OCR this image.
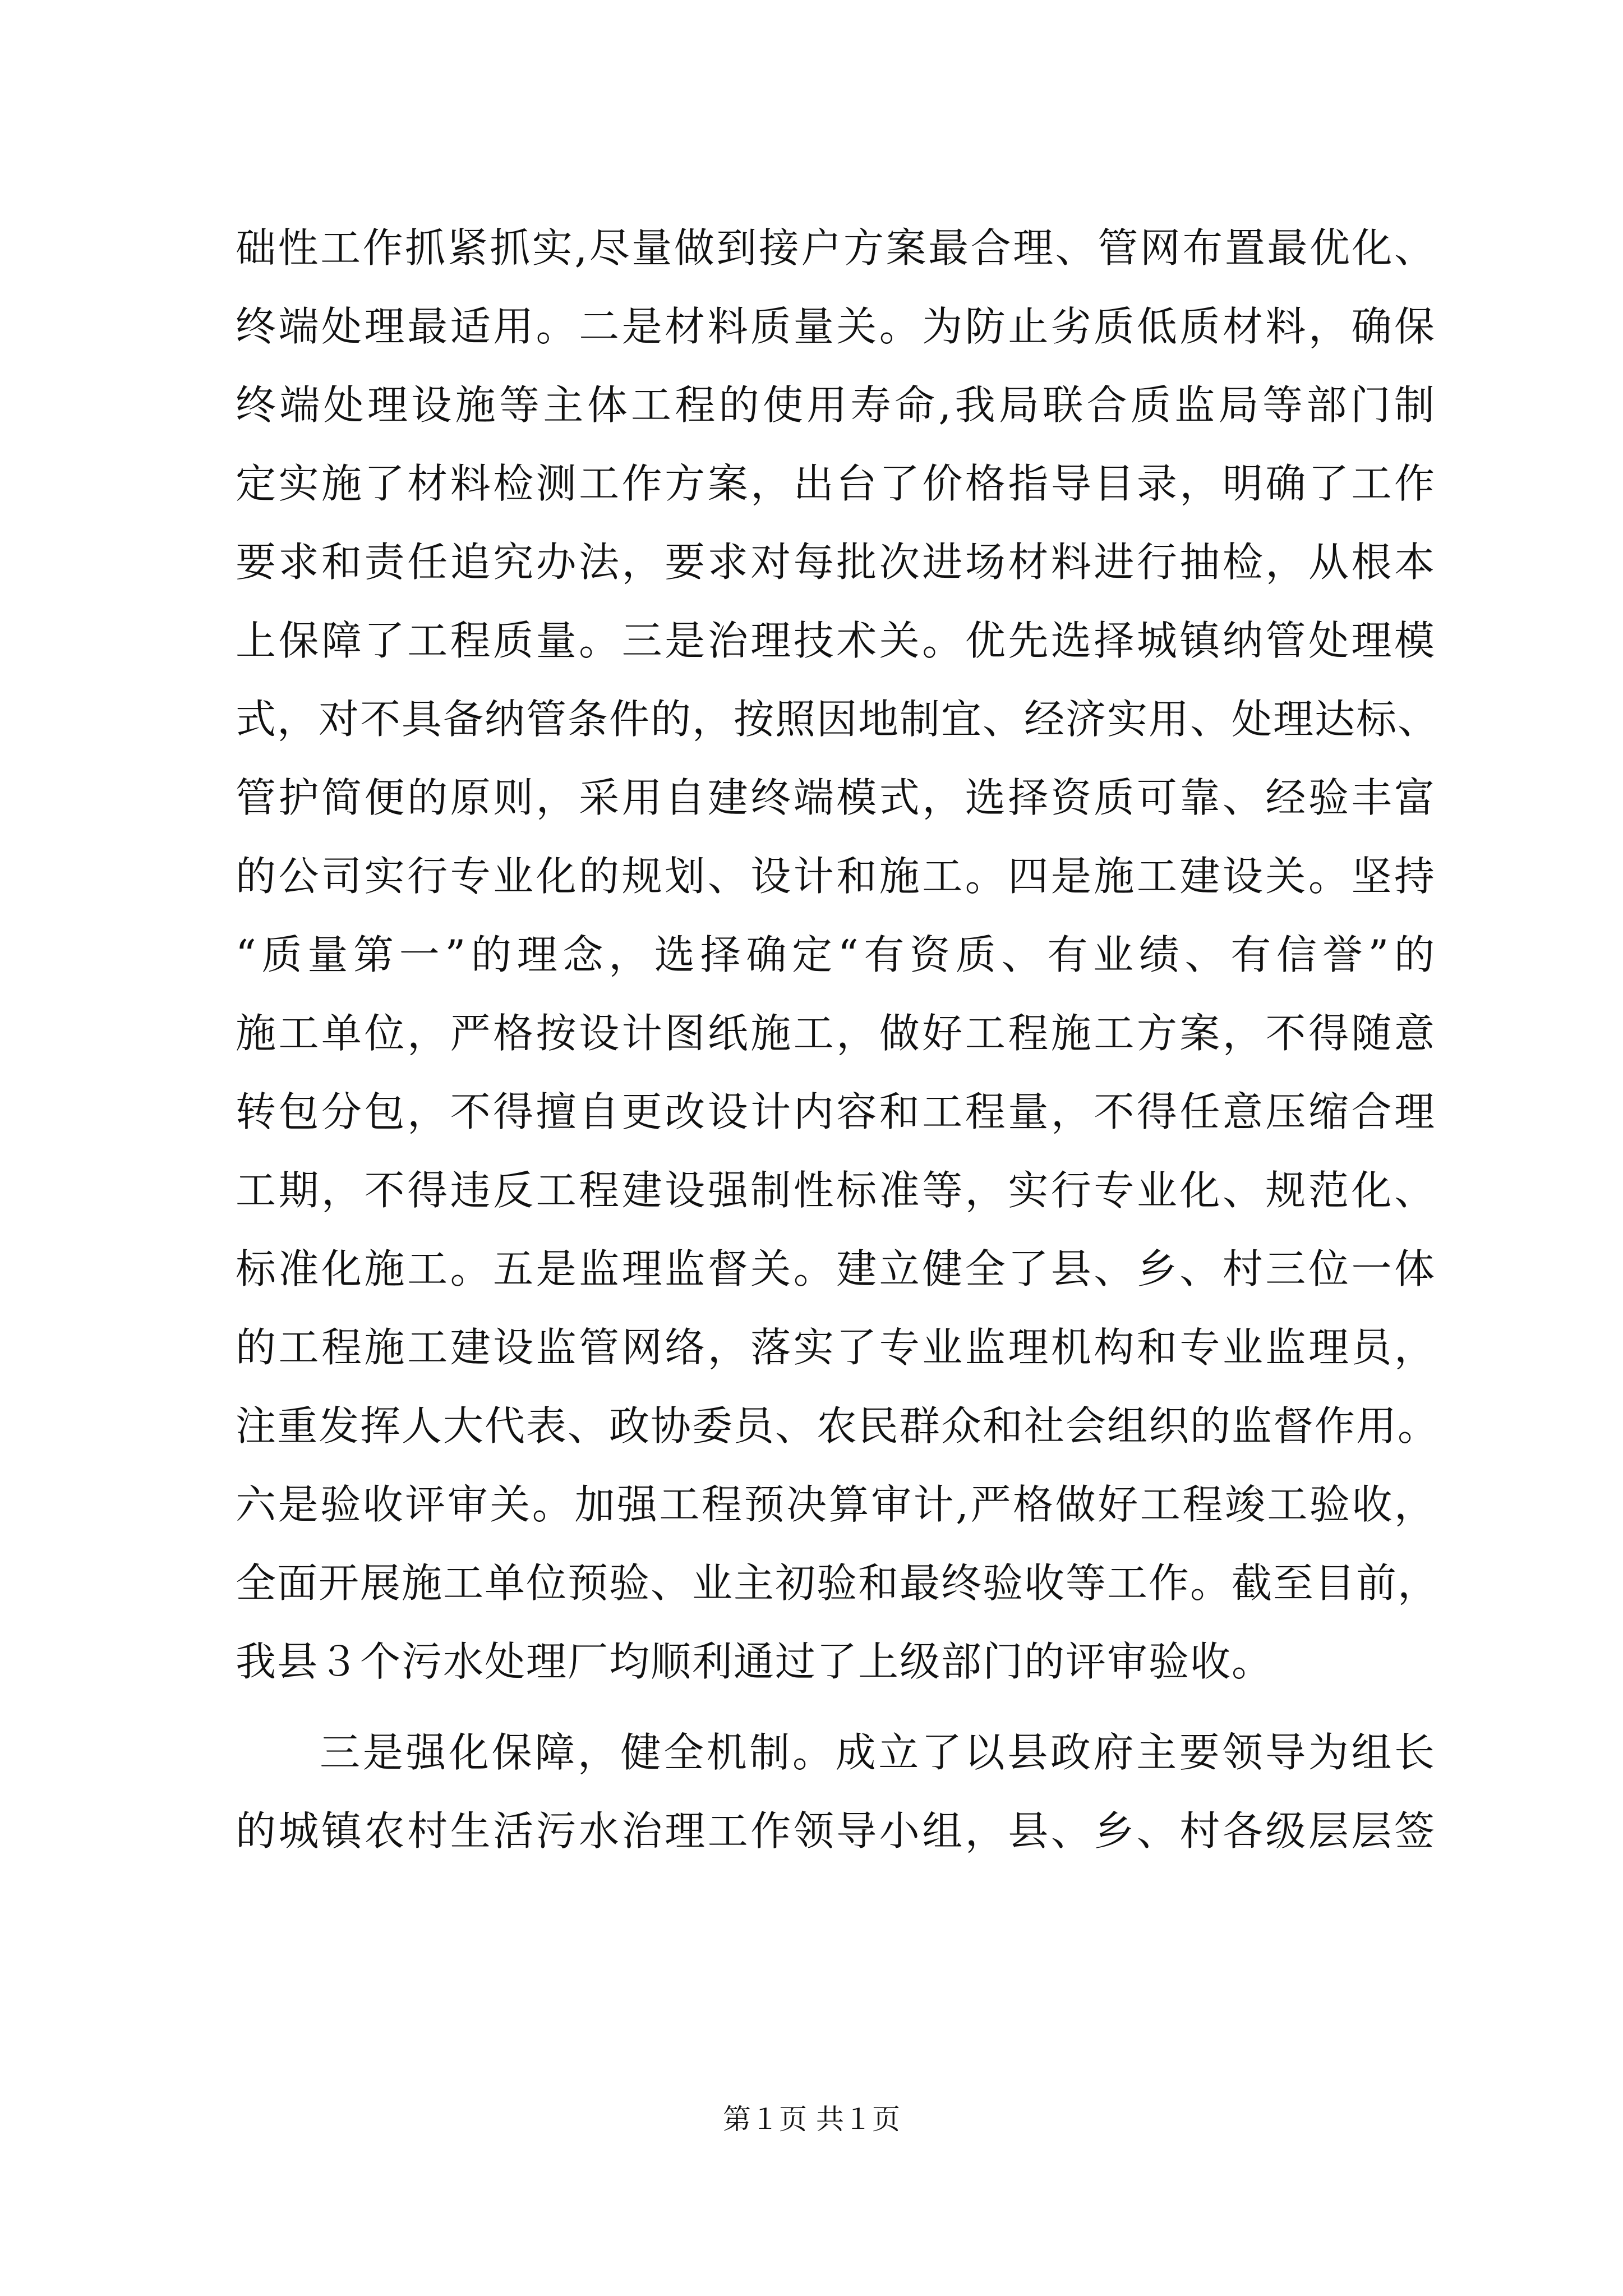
础性工作抓紧抓实,尽量做到接户方案最合理、管网布置最优化、
终端处理最适用。二是材料质量关。为防止劣质低质材料，确保
终端处理设施等主体工程的使用寿命,我局联合质监局等部门制
定实施了材料检测工作方案，出台了价格指导目录，明确了工作
要求和责任追究办法，要求对每批次进场材料进行抽检，从根本
上保障了工程质量。三是治理技术关。优先选择城镇纳管处理模
式，对不具备纳管条件的，按照因地制宜、经济实用、处理达标、
管护简便的原则，采用自建终端模式，选择资质可靠、经验丰富
的公司实行专业化的规划、设计和施工。四是施工建设关。坚持
“质量第一”的理念，选择确定“有资质、有业绩、有信誉”的
施工单位，严格按设计图纸施工，做好工程施工方案，不得随意
转包分包，不得擅自更改设计内容和工程量，不得任意压缩合理
工期，不得违反工程建设强制性标准等，实行专业化、规范化、
标准化施工。五是监理监督关。建立健全了县、乡、村三位一体
的工程施工建设监管网络，落实了专业监理机构和专业监理员，
注重发挥人大代表、政协委员、农民群众和社会组织的监督作用。
六是验收评审关。加强工程预决算审计,严格做好工程竣工验收，
全面开展施工单位预验、业主初验和最终验收等工作。截至目前，
我县３个污水处理厂均顺利通过了上级部门的评审验收。
三是强化保障，健全机制。成立了以县政府主要领导为组长
的城镇农村生活污水治理工作领导小组，县、乡、村各级层层签
第１页 共１页
